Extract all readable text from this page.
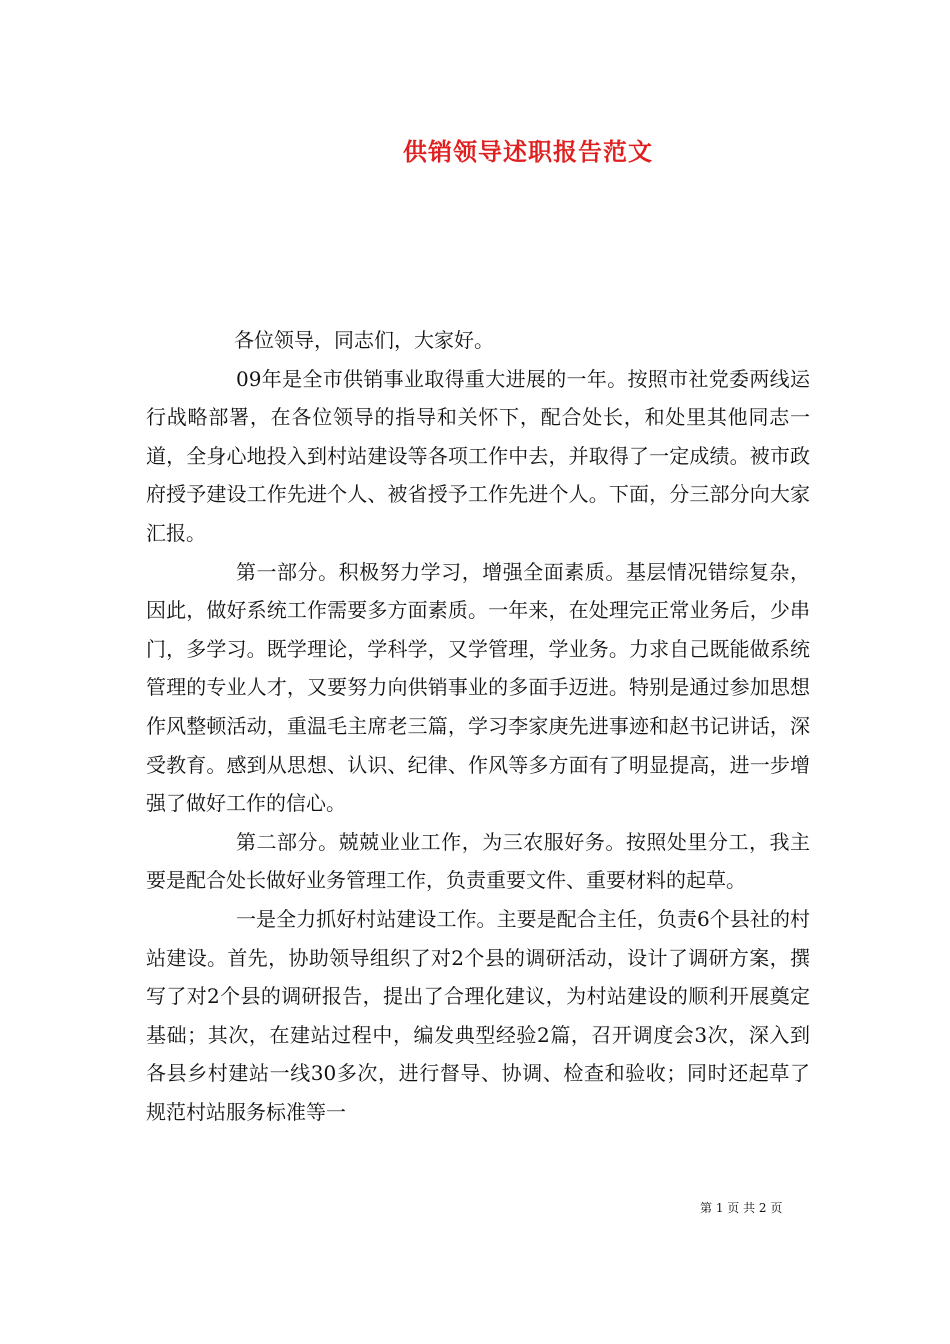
供销领导述职报告范文

各位领导，同志们，大家好。

09年是全市供销事业取得重大进展的一年。按照市社党委两线运行战略部署，在各位领导的指导和关怀下，配合处长，和处里其他同志一道，全身心地投入到村站建设等各项工作中去，并取得了一定成绩。被市政府授予建设工作先进个人、被省授予工作先进个人。下面，分三部分向大家汇报。

第一部分。积极努力学习，增强全面素质。基层情况错综复杂，因此，做好系统工作需要多方面素质。一年来，在处理完正常业务后，少串门，多学习。既学理论，学科学，又学管理，学业务。力求自己既能做系统管理的专业人才，又要努力向供销事业的多面手迈进。特别是通过参加思想作风整顿活动，重温毛主席老三篇，学习李家庚先进事迹和赵书记讲话，深受教育。感到从思想、认识、纪律、作风等多方面有了明显提高，进一步增强了做好工作的信心。

第二部分。兢兢业业工作，为三农服好务。按照处里分工，我主要是配合处长做好业务管理工作，负责重要文件、重要材料的起草。

一是全力抓好村站建设工作。主要是配合主任，负责6个县社的村站建设。首先，协助领导组织了对2个县的调研活动，设计了调研方案，撰写了对2个县的调研报告，提出了合理化建议，为村站建设的顺利开展奠定基础；其次，在建站过程中，编发典型经验2篇，召开调度会3次，深入到各县乡村建站一线30多次，进行督导、协调、检查和验收；同时还起草了规范村站服务标准等一

第 1 页 共 2 页
